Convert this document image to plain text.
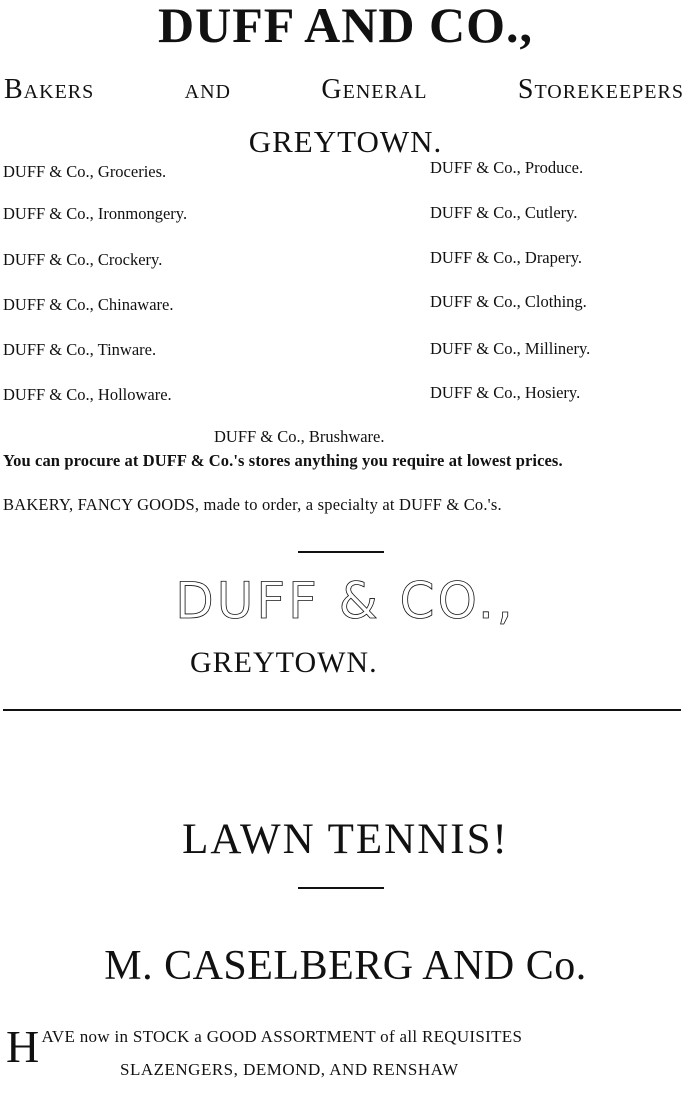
DUFF AND CO.,
Bakers	and	General	Storekeepers
GREYTOWN.
DUFF & Co., Groceries.
DUFF & Co., Ironmongery.
DUFF & Co., Crockery.
DUFF & Co., Chinaware.
DUFF & Co., Tinware.
DUFF & Co., Holloware.
DUFF & Co., Produce.
DUFF & Co., Cutlery.
DUFF & Co., Drapery.
DUFF & Co., Clothing.
DUFF & Co., Millinery.
DUFF & Co., Hosiery.
DUFF & Co., Brushware.
You can procure at DUFF & Co.'s stores anything you require at lowest prices.
BAKERY, FANCY GOODS, made to order, a specialty at DUFF & Co.'s.
DUFF & CO.,
GREYTOWN.
LAWN TENNIS!
M. CASELBERG AND Co.
HAVE now in STOCK a GOOD ASSORTMENT of all REQUISITES
SLAZENGERS, DEMOND, AND RENSHAW
